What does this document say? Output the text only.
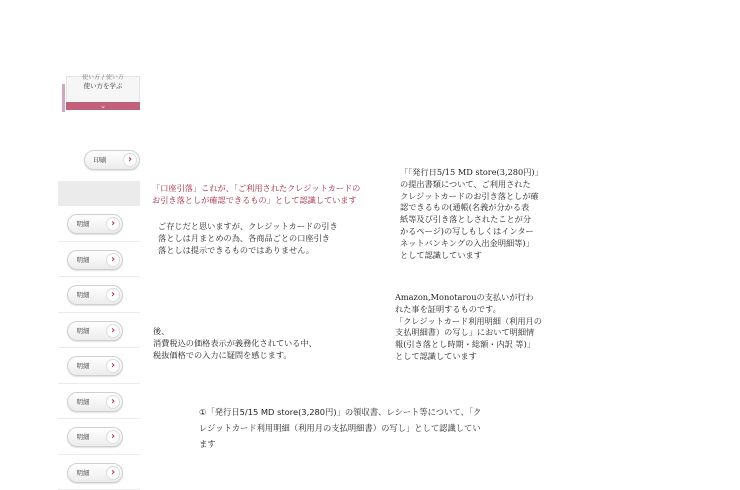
使い方 / 使い方
使い方を学ぶ
⌄
印刷	›
明細	›
明細	›
明細	›
明細	›
明細	›
明細	›
明細	›
明細	›
「口座引落」これが、「ご利用されたクレジットカードの
お引き落としが確認できるもの」として認識しています
ご存じだと思いますが、クレジットカードの引き
落としは月まとめの為、各商品ごとの口座引き
落としは提示できるものではありません。
後、
消費税込の価格表示が義務化されている中、
税抜価格での入力に疑問を感じます。
「「発行日5/15 MD store(3,280円)」
の提出書類について、ご利用された
クレジットカードのお引き落としが確
認できるもの(通帳(名義が分かる表
紙等及び引き落としされたことが分
かるページ)の写しもしくはインター
ネットバンキングの入出金明細等)」
として認識しています
Amazon,Monotarouの支払いが行わ
れた事を証明するものです。
「クレジットカード利用明細（利用月の
支払明細書）の写し」において明細情
報(引き落とし時期・総額・内訳 等)」
として認識しています
①「発行日5/15 MD store(3,280円)」の領収書、レシート等について、「ク
レジットカード利用明細（利用月の支払明細書）の写し」として認識してい
ます
